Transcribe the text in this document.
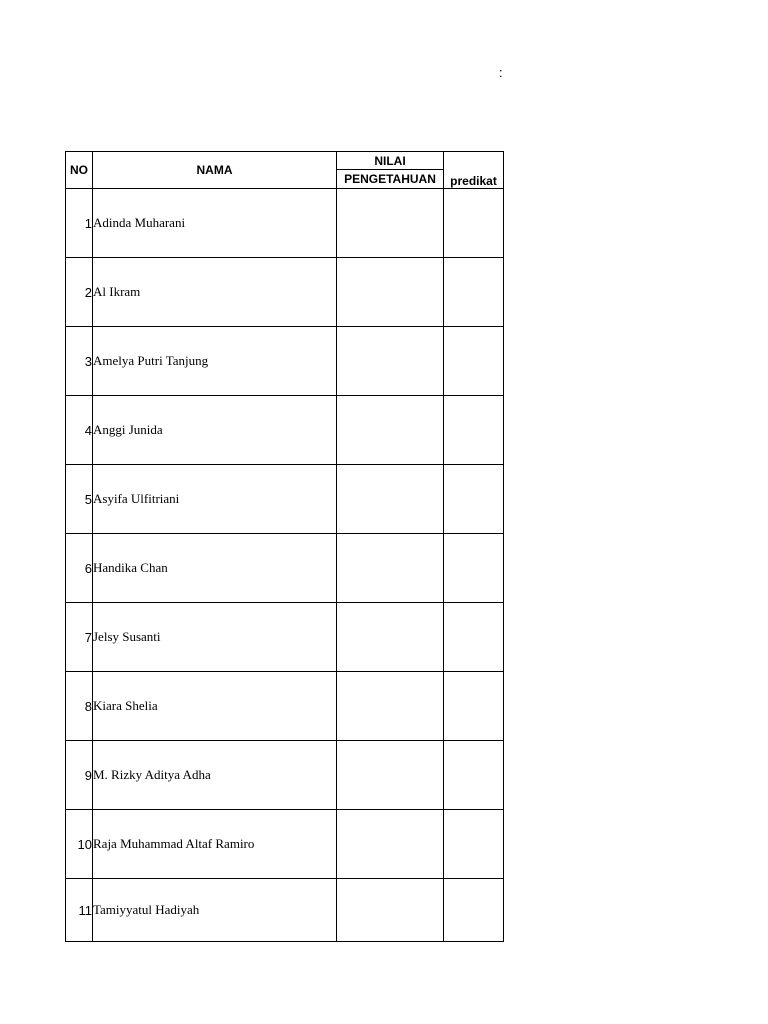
:
NO	NAMA	NILAI	predikat
		PENGETAHUAN	
1	Adinda Muharani		
2	Al Ikram		
3	Amelya Putri Tanjung		
4	Anggi Junida		
5	Asyifa Ulfitriani		
6	Handika Chan		
7	Jelsy Susanti		
8	Kiara Shelia		
9	M. Rizky Aditya Adha		
10	Raja Muhammad Altaf Ramiro		
11	Tamiyyatul Hadiyah		
